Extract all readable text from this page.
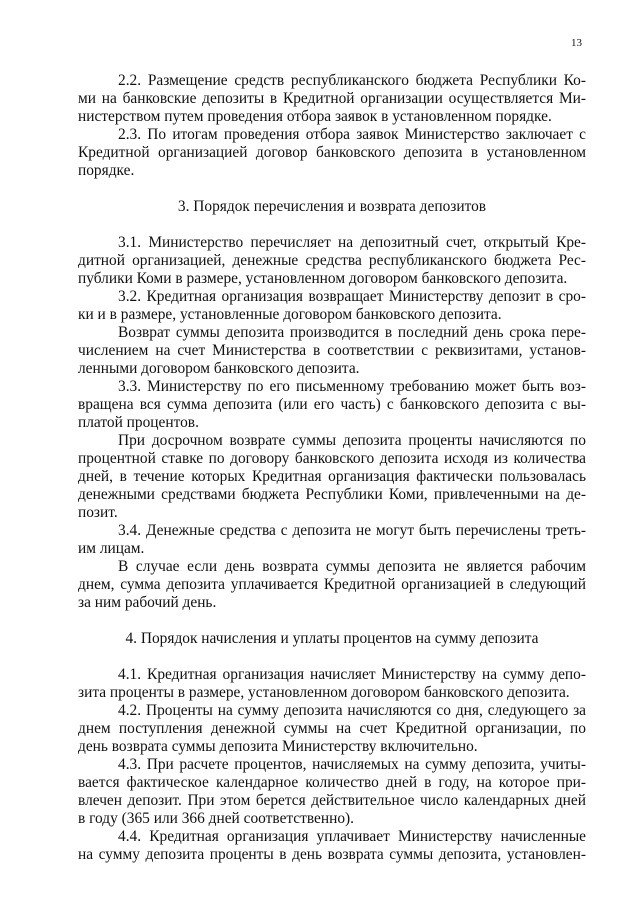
13
2.2. Размещение средств республиканского бюджета Республики Ко-
ми на банковские депозиты в Кредитной организации осуществляется Ми-
нистерством путем проведения отбора заявок в установленном порядке.
2.3. По итогам проведения отбора заявок Министерство заключает с
Кредитной организацией договор банковского депозита в установленном
порядке.
3. Порядок перечисления и возврата депозитов
3.1. Министерство перечисляет на депозитный счет, открытый Кре-
дитной организацией, денежные средства республиканского бюджета Рес-
публики Коми в размере, установленном договором банковского депозита.
3.2. Кредитная организация возвращает Министерству депозит в сро-
ки и в размере, установленные договором банковского депозита.
Возврат суммы депозита производится в последний день срока пере-
числением на счет Министерства в соответствии с реквизитами, установ-
ленными договором банковского депозита.
3.3. Министерству по его письменному требованию может быть воз-
вращена вся сумма депозита (или его часть) с банковского депозита с вы-
платой процентов.
При досрочном возврате суммы депозита проценты начисляются по
процентной ставке по договору банковского депозита исходя из количества
дней, в течение которых Кредитная организация фактически пользовалась
денежными средствами бюджета Республики Коми, привлеченными на де-
позит.
3.4. Денежные средства с депозита не могут быть перечислены треть-
им лицам.
В случае если день возврата суммы депозита не является рабочим
днем, сумма депозита уплачивается Кредитной организацией в следующий
за ним рабочий день.
4. Порядок начисления и уплаты процентов на сумму депозита
4.1. Кредитная организация начисляет Министерству на сумму депо-
зита проценты в размере, установленном договором банковского депозита.
4.2. Проценты на сумму депозита начисляются со дня, следующего за
днем поступления денежной суммы на счет Кредитной организации, по
день возврата суммы депозита Министерству включительно.
4.3. При расчете процентов, начисляемых на сумму депозита, учиты-
вается фактическое календарное количество дней в году, на которое при-
влечен депозит. При этом берется действительное число календарных дней
в году (365 или 366 дней соответственно).
4.4. Кредитная организация уплачивает Министерству начисленные
на сумму депозита проценты в день возврата суммы депозита, установлен-
